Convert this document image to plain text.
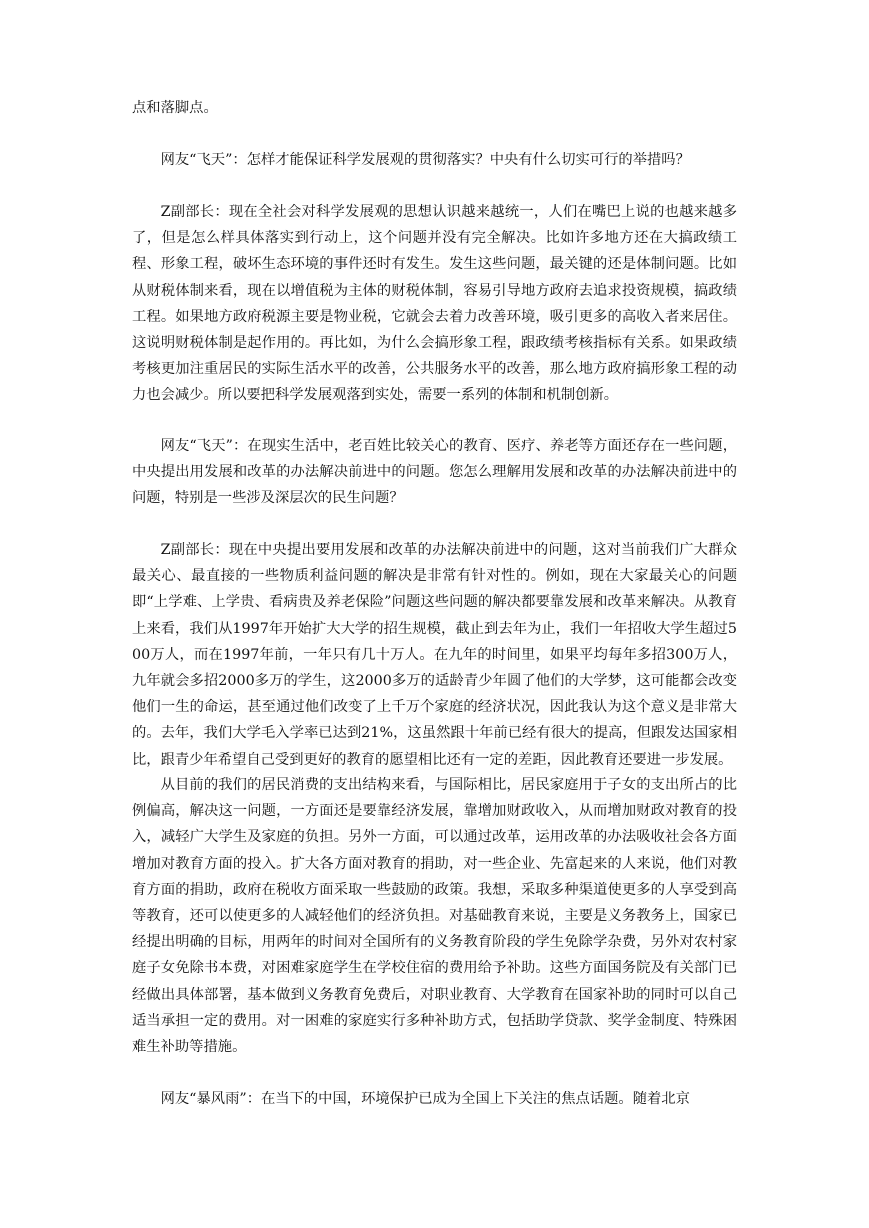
点和落脚点。

网友“飞天”：怎样才能保证科学发展观的贯彻落实？中央有什么切实可行的举措吗？

Z副部长：现在全社会对科学发展观的思想认识越来越统一，人们在嘴巴上说的也越来越多了，但是怎么样具体落实到行动上，这个问题并没有完全解决。比如许多地方还在大搞政绩工程、形象工程，破坏生态环境的事件还时有发生。发生这些问题，最关键的还是体制问题。比如从财税体制来看，现在以增值税为主体的财税体制，容易引导地方政府去追求投资规模，搞政绩工程。如果地方政府税源主要是物业税，它就会去着力改善环境，吸引更多的高收入者来居住。这说明财税体制是起作用的。再比如，为什么会搞形象工程，跟政绩考核指标有关系。如果政绩考核更加注重居民的实际生活水平的改善，公共服务水平的改善，那么地方政府搞形象工程的动力也会减少。所以要把科学发展观落到实处，需要一系列的体制和机制创新。

网友“飞天”：在现实生活中，老百姓比较关心的教育、医疗、养老等方面还存在一些问题，中央提出用发展和改革的办法解决前进中的问题。您怎么理解用发展和改革的办法解决前进中的问题，特别是一些涉及深层次的民生问题？

Z副部长：现在中央提出要用发展和改革的办法解决前进中的问题，这对当前我们广大群众最关心、最直接的一些物质利益问题的解决是非常有针对性的。例如，现在大家最关心的问题即“上学难、上学贵、看病贵及养老保险”问题这些问题的解决都要靠发展和改革来解决。从教育上来看，我们从1997年开始扩大大学的招生规模，截止到去年为止，我们一年招收大学生超过500万人，而在1997年前，一年只有几十万人。在九年的时间里，如果平均每年多招300万人，九年就会多招2000多万的学生，这2000多万的适龄青少年圆了他们的大学梦，这可能都会改变他们一生的命运，甚至通过他们改变了上千万个家庭的经济状况，因此我认为这个意义是非常大的。去年，我们大学毛入学率已达到21%，这虽然跟十年前已经有很大的提高，但跟发达国家相比，跟青少年希望自己受到更好的教育的愿望相比还有一定的差距，因此教育还要进一步发展。

从目前的我们的居民消费的支出结构来看，与国际相比，居民家庭用于子女的支出所占的比例偏高，解决这一问题，一方面还是要靠经济发展，靠增加财政收入，从而增加财政对教育的投入，减轻广大学生及家庭的负担。另外一方面，可以通过改革，运用改革的办法吸收社会各方面增加对教育方面的投入。扩大各方面对教育的捐助，对一些企业、先富起来的人来说，他们对教育方面的捐助，政府在税收方面采取一些鼓励的政策。我想，采取多种渠道使更多的人享受到高等教育，还可以使更多的人减轻他们的经济负担。对基础教育来说，主要是义务教务上，国家已经提出明确的目标，用两年的时间对全国所有的义务教育阶段的学生免除学杂费，另外对农村家庭子女免除书本费，对困难家庭学生在学校住宿的费用给予补助。这些方面国务院及有关部门已经做出具体部署，基本做到义务教育免费后，对职业教育、大学教育在国家补助的同时可以自己适当承担一定的费用。对一困难的家庭实行多种补助方式，包括助学贷款、奖学金制度、特殊困难生补助等措施。

网友“暴风雨”：在当下的中国，环境保护已成为全国上下关注的焦点话题。随着北京
